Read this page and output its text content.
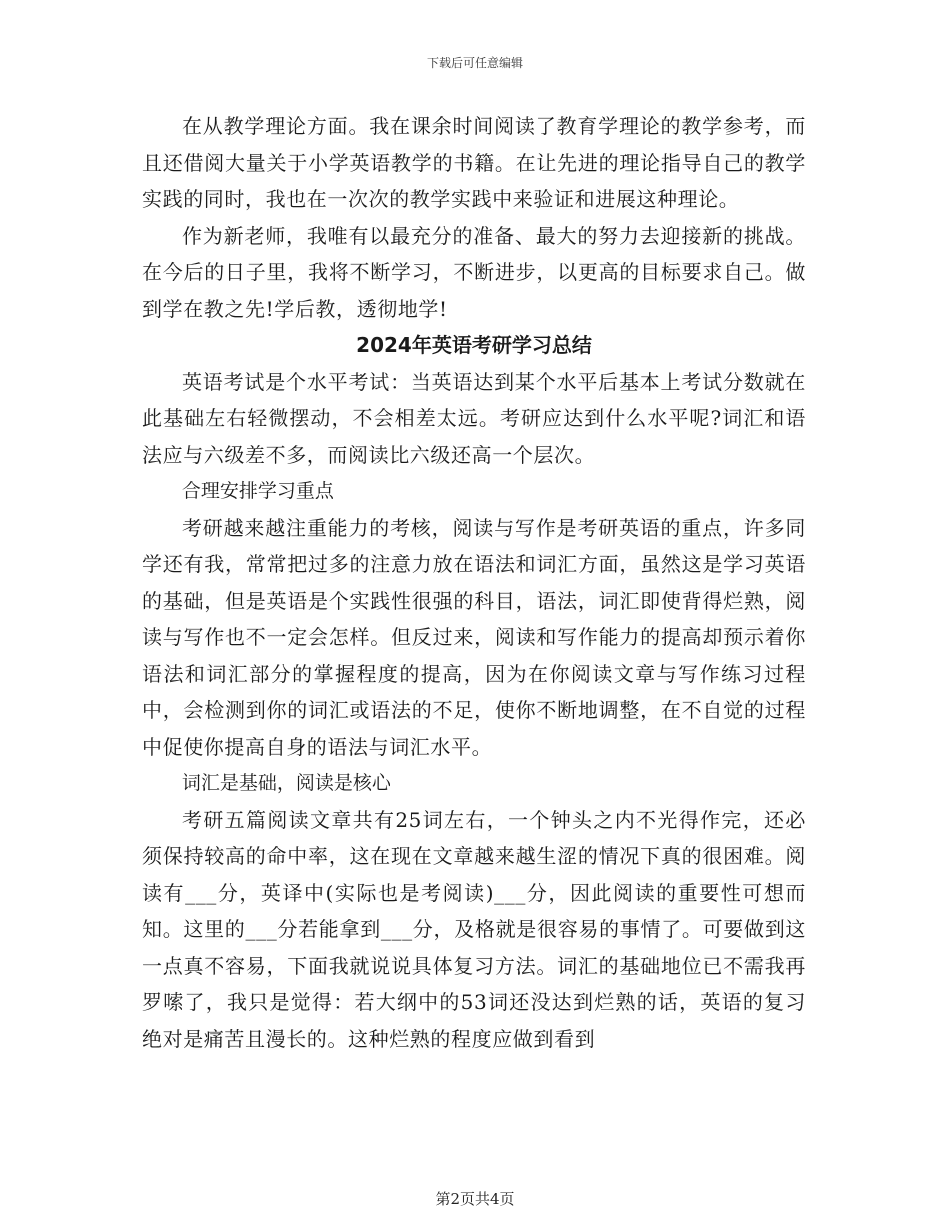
下载后可任意编辑

在从教学理论方面。我在课余时间阅读了教育学理论的教学参考，而且还借阅大量关于小学英语教学的书籍。在让先进的理论指导自己的教学实践的同时，我也在一次次的教学实践中来验证和进展这种理论。

作为新老师，我唯有以最充分的准备、最大的努力去迎接新的挑战。在今后的日子里，我将不断学习，不断进步，以更高的目标要求自己。做到学在教之先!学后教，透彻地学!

2024年英语考研学习总结

英语考试是个水平考试：当英语达到某个水平后基本上考试分数就在此基础左右轻微摆动，不会相差太远。考研应达到什么水平呢?词汇和语法应与六级差不多，而阅读比六级还高一个层次。

合理安排学习重点

考研越来越注重能力的考核，阅读与写作是考研英语的重点，许多同学还有我，常常把过多的注意力放在语法和词汇方面，虽然这是学习英语的基础，但是英语是个实践性很强的科目，语法，词汇即使背得烂熟，阅读与写作也不一定会怎样。但反过来，阅读和写作能力的提高却预示着你语法和词汇部分的掌握程度的提高，因为在你阅读文章与写作练习过程中，会检测到你的词汇或语法的不足，使你不断地调整，在不自觉的过程中促使你提高自身的语法与词汇水平。

词汇是基础，阅读是核心

考研五篇阅读文章共有25词左右，一个钟头之内不光得作完，还必须保持较高的命中率，这在现在文章越来越生涩的情况下真的很困难。阅读有___分，英译中(实际也是考阅读)___分，因此阅读的重要性可想而知。这里的___分若能拿到___分，及格就是很容易的事情了。可要做到这一点真不容易，下面我就说说具体复习方法。词汇的基础地位已不需我再罗嗦了，我只是觉得：若大纲中的53词还没达到烂熟的话，英语的复习绝对是痛苦且漫长的。这种烂熟的程度应做到看到

第2页共4页
